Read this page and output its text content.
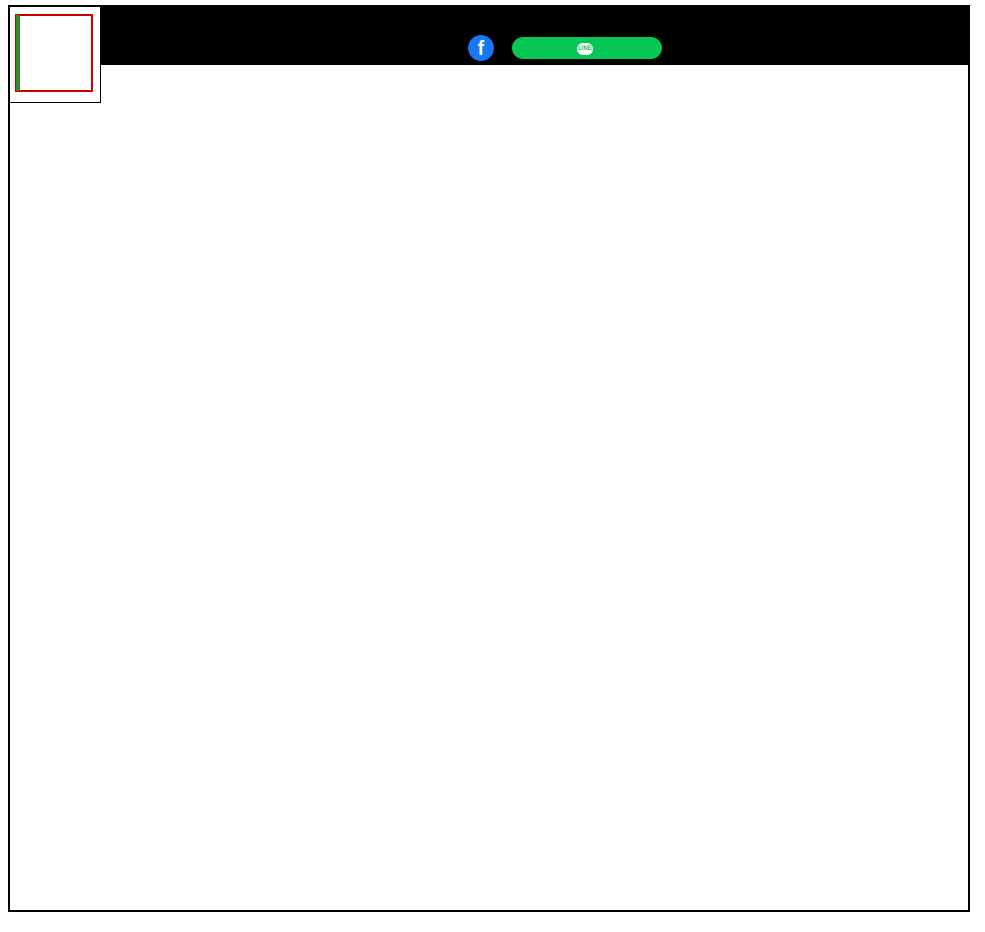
f	LINE
